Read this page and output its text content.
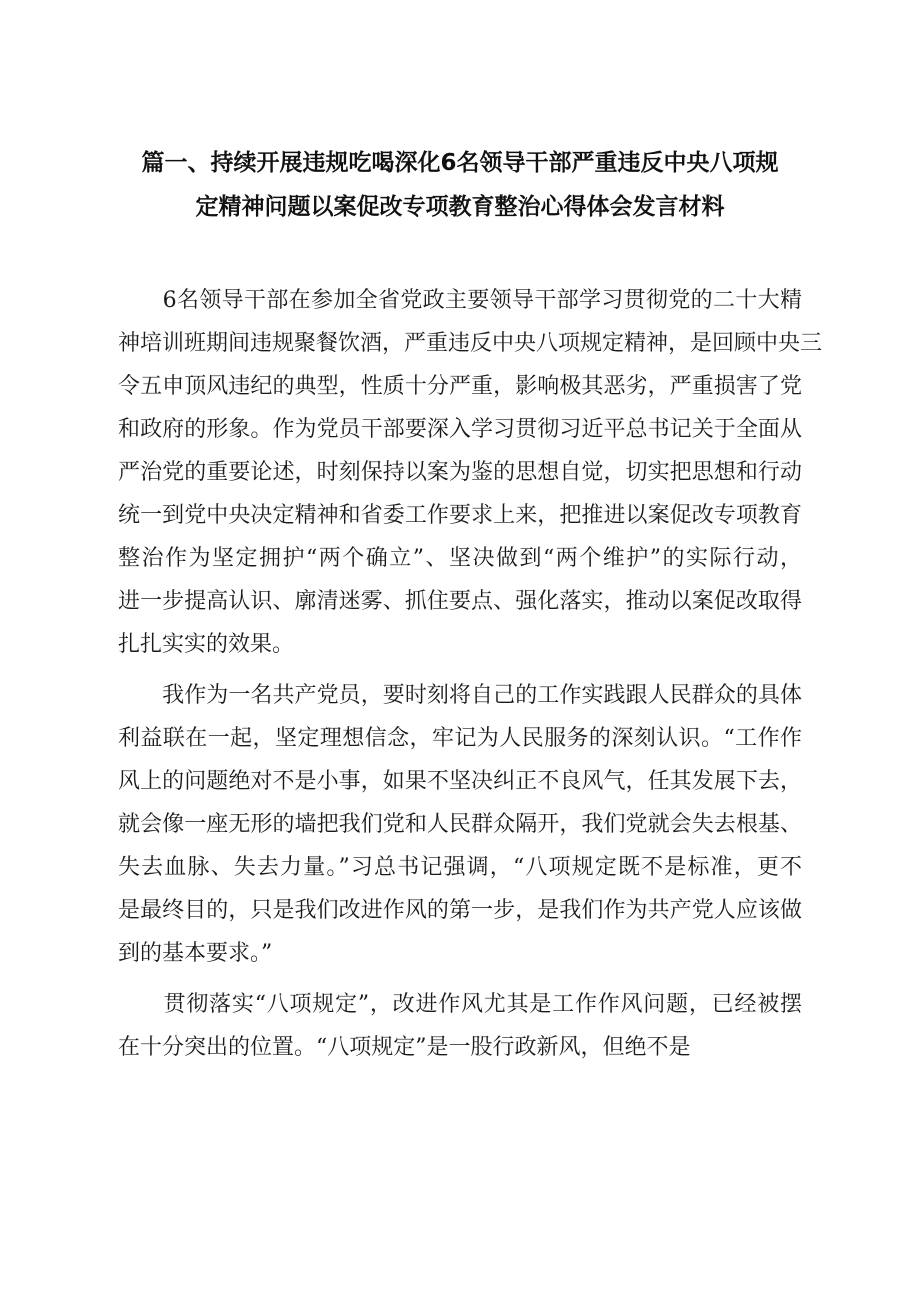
篇一、持续开展违规吃喝深化6名领导干部严重违反中央八项规
定精神问题以案促改专项教育整治心得体会发言材料
　　6名领导干部在参加全省党政主要领导干部学习贯彻党的二十大精
神培训班期间违规聚餐饮酒，严重违反中央八项规定精神，是回顾中央三
令五申顶风违纪的典型，性质十分严重，影响极其恶劣，严重损害了党
和政府的形象。作为党员干部要深入学习贯彻习近平总书记关于全面从
严治党的重要论述，时刻保持以案为鉴的思想自觉，切实把思想和行动
统一到党中央决定精神和省委工作要求上来，把推进以案促改专项教育
整治作为坚定拥护“两个确立”、坚决做到“两个维护”的实际行动，
进一步提高认识、廓清迷雾、抓住要点、强化落实，推动以案促改取得
扎扎实实的效果。
　　我作为一名共产党员，要时刻将自己的工作实践跟人民群众的具体
利益联在一起，坚定理想信念，牢记为人民服务的深刻认识。“工作作
风上的问题绝对不是小事，如果不坚决纠正不良风气，任其发展下去，
就会像一座无形的墙把我们党和人民群众隔开，我们党就会失去根基、
失去血脉、失去力量。”习总书记强调，“八项规定既不是标准，更不
是最终目的，只是我们改进作风的第一步，是我们作为共产党人应该做
到的基本要求。”
　　贯彻落实“八项规定”，改进作风尤其是工作作风问题，已经被摆
在十分突出的位置。“八项规定”是一股行政新风，但绝不是
